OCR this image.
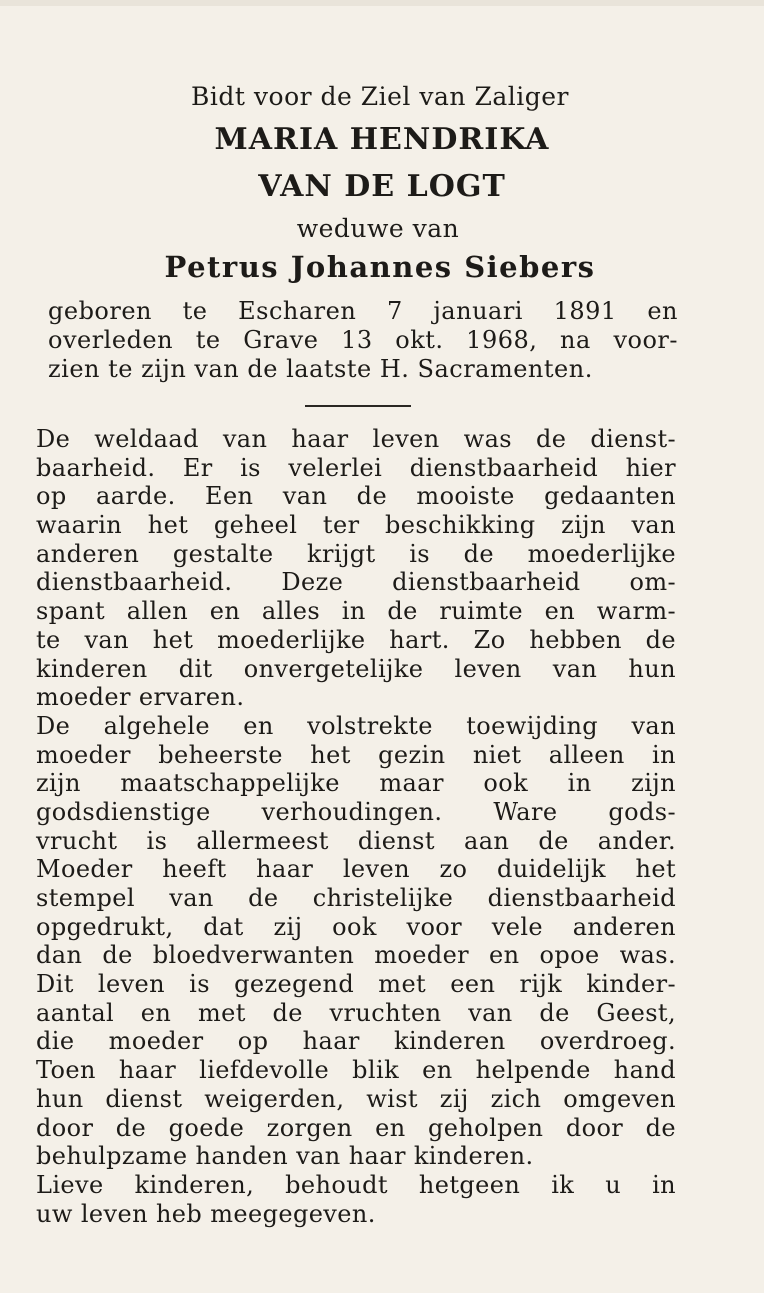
Bidt voor de Ziel van Zaliger
MARIA HENDRIKA
VAN DE LOGT
weduwe van
Petrus Johannes Siebers
geboren te Escharen 7 januari 1891 en
overleden te Grave 13 okt. 1968, na voor-
zien te zijn van de laatste H. Sacramenten.
De weldaad van haar leven was de dienst-
baarheid. Er is velerlei dienstbaarheid hier
op aarde. Een van de mooiste gedaanten
waarin het geheel ter beschikking zijn van
anderen gestalte krijgt is de moederlijke
dienstbaarheid. Deze dienstbaarheid om-
spant allen en alles in de ruimte en warm-
te van het moederlijke hart. Zo hebben de
kinderen dit onvergetelijke leven van hun
moeder ervaren.
De algehele en volstrekte toewijding van
moeder beheerste het gezin niet alleen in
zijn maatschappelijke maar ook in zijn
godsdienstige verhoudingen. Ware gods-
vrucht is allermeest dienst aan de ander.
Moeder heeft haar leven zo duidelijk het
stempel van de christelijke dienstbaarheid
opgedrukt, dat zij ook voor vele anderen
dan de bloedverwanten moeder en opoe was.
Dit leven is gezegend met een rijk kinder-
aantal en met de vruchten van de Geest,
die moeder op haar kinderen overdroeg.
Toen haar liefdevolle blik en helpende hand
hun dienst weigerden, wist zij zich omgeven
door de goede zorgen en geholpen door de
behulpzame handen van haar kinderen.
Lieve kinderen, behoudt hetgeen ik u in
uw leven heb meegegeven.
